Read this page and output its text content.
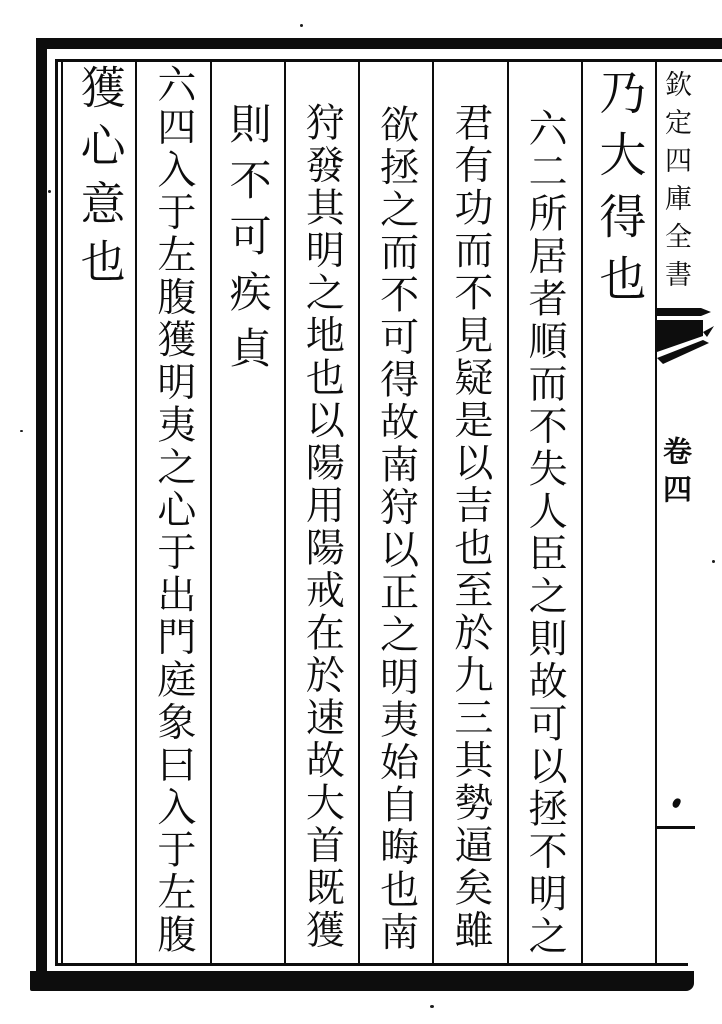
乃大得也
六二所居者順而不失人臣之則故可以拯不明之
君有功而不見疑是以吉也至於九三其勢逼矣雖
欲拯之而不可得故南狩以正之明夷始自晦也南
狩發其明之地也以陽用陽戒在於速故大首既獲
則不可疾貞
六四入于左腹獲明夷之心于出門庭象曰入于左腹
獲心意也	欽定四庫全書
卷四
